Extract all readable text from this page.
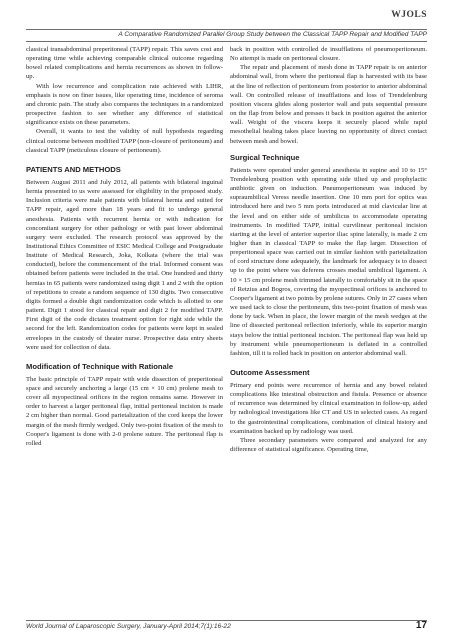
WJOLS
A Comparative Randomized Parallel Group Study between the Classical TAPP Repair and Modified TAPP

classical transabdominal preperitoneal (TAPP) repair. This saves cost and operating time while achieving comparable clinical outcome regarding bowel related complications and hernia recurrences as shown in follow-up.

With low recurrence and complication rate achieved with LIHR, emphasis is now on finer issues, like operating time, incidence of seroma and chronic pain. The study also compares the techniques in a randomized prospective fashion to see whether any difference of statistical significance exists on these parameters.

Overall, it wants to test the validity of null hypothesis regarding clinical outcome between modified TAPP (non-closure of peritoneum) and classical TAPP (meticulous closure of peritoneum).

PATIENTS AND METHODS

Between August 2011 and July 2012, all patients with bilateral inguinal hernia presented to us were assessed for eligibility in the proposed study. Inclusion criteria were male patients with bilateral hernia and suited for TAPP repair, aged more than 18 years and fit to undergo general anesthesia. Patients with recurrent hernia or with indication for concomitant surgery for other pathology or with past lower abdominal surgery were excluded. The research protocol was approved by the Institutional Ethics Committee of ESIC Medical College and Postgraduate Institute of Medical Research, Joka, Kolkata (where the trial was conducted), before the commencement of the trial. Informed consent was obtained before patients were included in the trial. One hundred and thirty hernias in 65 patients were randomized using digit 1 and 2 with the option of repetitions to create a random sequence of 130 digits. Two consecutive digits formed a double digit randomization code which is allotted to one patient. Digit 1 stood for classical repair and digit 2 for modified TAPP. First digit of the code dictates treatment option for right side while the second for the left. Randomization codes for patients were kept in sealed envelopes in the custody of theater nurse. Prospective data entry sheets were used for collection of data.

Modification of Technique with Rationale

The basic principle of TAPP repair with wide dissection of preperitoneal space and securely anchoring a large (15 cm × 10 cm) prolene mesh to cover all myopectineal orifices in the region remains same. However in order to harvest a larger peritoneal flap, initial peritoneal incision is made 2 cm higher than normal. Good parietalization of the cord keeps the lower margin of the mesh firmly wedged. Only two-point fixation of the mesh to Cooper's ligament is done with 2-0 prolene suture. The peritoneal flap is rolled

back in position with controlled de insufflations of pneumoperitoneum. No attempt is made on peritoneal closure.

The repair and placement of mesh done in TAPP repair is on anterior abdominal wall, from where the peritoneal flap is harvested with its base at the line of reflection of peritoneum from posterior to anterior abdominal wall. On controlled release of insufflations and loss of Trendelenburg position viscera glides along posterior wall and puts sequential pressure on the flap from below and presses it back in position against the anterior wall. Weight of the viscera keeps it securely placed while rapid mesothelial healing takes place leaving no opportunity of direct contact between mesh and bowel.

Surgical Technique

Patients were operated under general anesthesia in supine and 10 to 15° Trendelenburg position with operating side tilted up and prophylactic antibiotic given on induction. Pneumoperitoneum was induced by supraumbilical Veress needle insertion. One 10 mm port for optics was introduced here and two 5 mm ports introduced at mid clavicular line at the level and on either side of umbilicus to accommodate operating instruments. In modified TAPP, initial curvilinear peritoneal incision starting at the level of anterior superior iliac spine laterally, is made 2 cm higher than in classical TAPP to make the flap larger. Dissection of preperitoneal space was carried out in similar fashion with parietalization of cord structure done adequately, the landmark for adequacy is to dissect up to the point where vas deferens crosses medial umbilical ligament. A 10 × 15 cm prolene mesh trimmed laterally to comfortably sit in the space of Retzius and Bogros, covering the myopectineal orifices is anchored to Cooper's ligament at two points by prolene sutures. Only in 27 cases when we used tack to close the peritoneum, this two-point fixation of mesh was done by tack. When in place, the lower margin of the mesh wedges at the line of dissected peritoneal reflection inferiorly, while its superior margin stays below the initial peritoneal incision. The peritoneal flap was held up by instrument while pneumoperitoneum is deflated in a controlled fashion, till it is rolled back in position on anterior abdominal wall.

Outcome Assessment

Primary end points were recurrence of hernia and any bowel related complications like intestinal obstruction and fistula. Presence or absence of recurrence was determined by clinical examination in follow-up, aided by radiological investigations like CT and US in selected cases. As regard to the gastrointestinal complications, combination of clinical history and examination backed up by radiology was used.

Three secondary parameters were compared and analyzed for any difference of statistical significance. Operating time,

World Journal of Laparoscopic Surgery, January-April 2014;7(1):16-22	17
